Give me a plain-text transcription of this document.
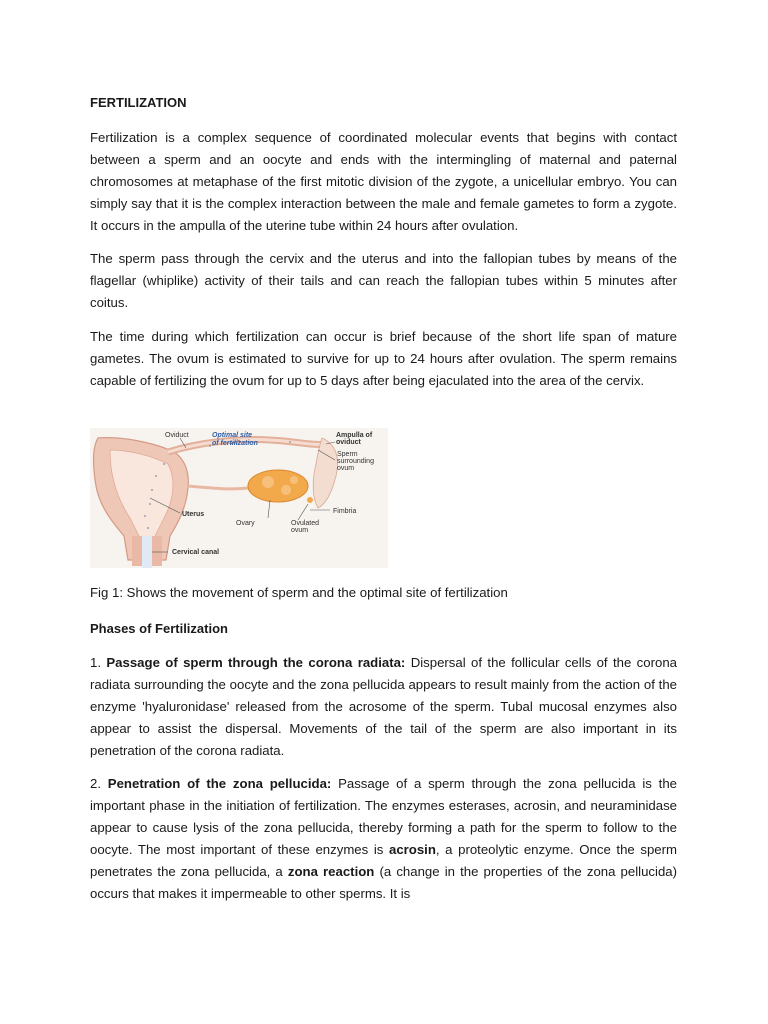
FERTILIZATION

Fertilization is a complex sequence of coordinated molecular events that begins with contact between a sperm and an oocyte and ends with the intermingling of maternal and paternal chromosomes at metaphase of the first mitotic division of the zygote, a unicellular embryo. You can simply say that it is the complex interaction between the male and female gametes to form a zygote. It occurs in the ampulla of the uterine tube within 24 hours after ovulation.

The sperm pass through the cervix and the uterus and into the fallopian tubes by means of the flagellar (whiplike) activity of their tails and can reach the fallopian tubes within 5 minutes after coitus.

The time during which fertilization can occur is brief because of the short life span of mature gametes. The ovum is estimated to survive for up to 24 hours after ovulation. The sperm remains capable of fertilizing the ovum for up to 5 days after being ejaculated into the area of the cervix.

Oviduct	Optimal site
of fertilization
Ampulla of
oviduct
Sperm
surrounding
ovum
Uterus
Ovary	Ovulated
ovum
Fimbria
Cervical canal
Fig 1: Shows the movement of sperm and the optimal site of fertilization
Phases of Fertilization

1. Passage of sperm through the corona radiata: Dispersal of the follicular cells of the corona radiata surrounding the oocyte and the zona pellucida appears to result mainly from the action of the enzyme 'hyaluronidase' released from the acrosome of the sperm. Tubal mucosal enzymes also appear to assist the dispersal. Movements of the tail of the sperm are also important in its penetration of the corona radiata.

2. Penetration of the zona pellucida: Passage of a sperm through the zona pellucida is the important phase in the initiation of fertilization. The enzymes esterases, acrosin, and neuraminidase appear to cause lysis of the zona pellucida, thereby forming a path for the sperm to follow to the oocyte. The most important of these enzymes is acrosin, a proteolytic enzyme. Once the sperm penetrates the zona pellucida, a zona reaction (a change in the properties of the zona pellucida) occurs that makes it impermeable to other sperms. It is
